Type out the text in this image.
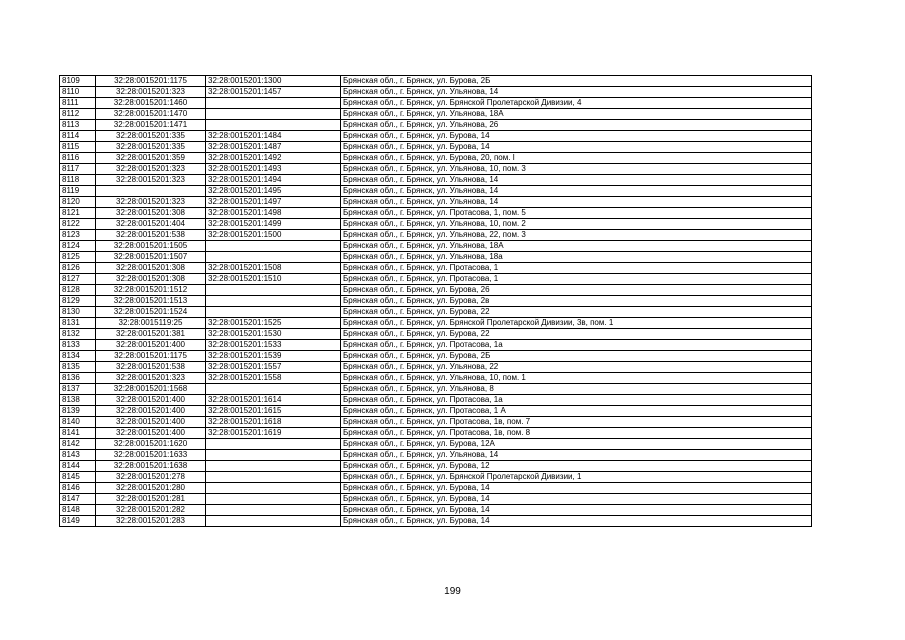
8109	32:28:0015201:1175	32:28:0015201:1300	Брянская обл., г. Брянск, ул. Бурова, 2Б
8110	32:28:0015201:323	32:28:0015201:1457	Брянская обл., г. Брянск, ул. Ульянова, 14
8111	32:28:0015201:1460		Брянская обл., г. Брянск, ул. Брянской Пролетарской Дивизии, 4
8112	32:28:0015201:1470		Брянская обл., г. Брянск, ул. Ульянова, 18А
8113	32:28:0015201:1471		Брянская обл., г. Брянск, ул. Ульянова, 26
8114	32:28:0015201:335	32:28:0015201:1484	Брянская обл., г. Брянск, ул. Бурова, 14
8115	32:28:0015201:335	32:28:0015201:1487	Брянская обл., г. Брянск, ул. Бурова, 14
8116	32:28:0015201:359	32:28:0015201:1492	Брянская обл., г. Брянск, ул. Бурова, 20, пом. I
8117	32:28:0015201:323	32:28:0015201:1493	Брянская обл., г. Брянск, ул. Ульянова, 10, пом. 3
8118	32:28:0015201:323	32:28:0015201:1494	Брянская обл., г. Брянск, ул. Ульянова, 14
8119		32:28:0015201:1495	Брянская обл., г. Брянск, ул. Ульянова, 14
8120	32:28:0015201:323	32:28:0015201:1497	Брянская обл., г. Брянск, ул. Ульянова, 14
8121	32:28:0015201:308	32:28:0015201:1498	Брянская обл., г. Брянск, ул. Протасова, 1, пом. 5
8122	32:28:0015201:404	32:28:0015201:1499	Брянская обл., г. Брянск, ул. Ульянова, 10, пом. 2
8123	32:28:0015201:538	32:28:0015201:1500	Брянская обл., г. Брянск, ул. Ульянова, 22, пом. 3
8124	32:28:0015201:1505		Брянская обл., г. Брянск, ул. Ульянова, 18А
8125	32:28:0015201:1507		Брянская обл., г. Брянск, ул. Ульянова, 18а
8126	32:28:0015201:308	32:28:0015201:1508	Брянская обл., г. Брянск, ул. Протасова, 1
8127	32:28:0015201:308	32:28:0015201:1510	Брянская обл., г. Брянск, ул. Протасова, 1
8128	32:28:0015201:1512		Брянская обл., г. Брянск, ул. Бурова, 26
8129	32:28:0015201:1513		Брянская обл., г. Брянск, ул. Бурова, 2в
8130	32:28:0015201:1524		Брянская обл., г. Брянск, ул. Бурова, 22
8131	32:28:0015119:25	32:28:0015201:1525	Брянская обл., г. Брянск, ул. Брянской Пролетарской Дивизии, 3в, пом. 1
8132	32:28:0015201:381	32:28:0015201:1530	Брянская обл., г. Брянск, ул. Бурова, 22
8133	32:28:0015201:400	32:28:0015201:1533	Брянская обл., г. Брянск, ул. Протасова, 1а
8134	32:28:0015201:1175	32:28:0015201:1539	Брянская обл., г. Брянск, ул. Бурова, 2Б
8135	32:28:0015201:538	32:28:0015201:1557	Брянская обл., г. Брянск, ул. Ульянова, 22
8136	32:28:0015201:323	32:28:0015201:1558	Брянская обл., г. Брянск, ул. Ульянова, 10, пом. 1
8137	32:28:0015201:1568		Брянская обл., г. Брянск, ул. Ульянова, 8
8138	32:28:0015201:400	32:28:0015201:1614	Брянская обл., г. Брянск, ул. Протасова, 1а
8139	32:28:0015201:400	32:28:0015201:1615	Брянская обл., г. Брянск, ул. Протасова, 1 А
8140	32:28:0015201:400	32:28:0015201:1618	Брянская обл., г. Брянск, ул. Протасова, 1в, пом. 7
8141	32:28:0015201:400	32:28:0015201:1619	Брянская обл., г. Брянск, ул. Протасова, 1в, пом. 8
8142	32:28:0015201:1620		Брянская обл., г. Брянск, ул. Бурова, 12А
8143	32:28:0015201:1633		Брянская обл., г. Брянск, ул. Ульянова, 14
8144	32:28:0015201:1638		Брянская обл., г. Брянск, ул. Бурова, 12
8145	32:28:0015201:278		Брянская обл., г. Брянск, ул. Брянской Пролетарской Дивизии, 1
8146	32:28:0015201:280		Брянская обл., г. Брянск, ул. Бурова, 14
8147	32:28:0015201:281		Брянская обл., г. Брянск, ул. Бурова, 14
8148	32:28:0015201:282		Брянская обл., г. Брянск, ул. Бурова, 14
8149	32:28:0015201:283		Брянская обл., г. Брянск, ул. Бурова, 14
199
